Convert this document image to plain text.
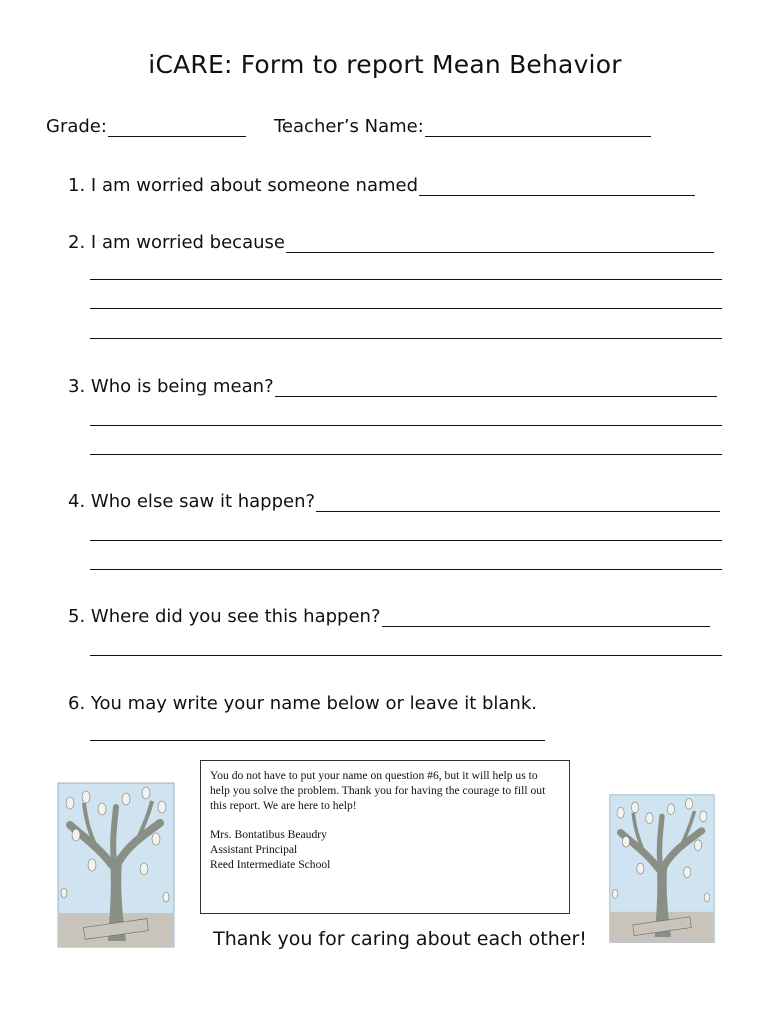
iCARE: Form to report Mean Behavior
Grade:	Teacher’s Name:
1.
I am worried about someone named
2.
I am worried because
3.
Who is being mean?
4.
Who else saw it happen?
5.
Where did you see this happen?
6.
You may write your name below or leave it blank.

You do not have to put your name on question #6, but it will help us to help you solve the problem. Thank you for having the courage to fill out this report. We are here to help!

Mrs. Bontatibus Beaudry

Assistant Principal

Reed Intermediate School

Thank you for caring about each other!
